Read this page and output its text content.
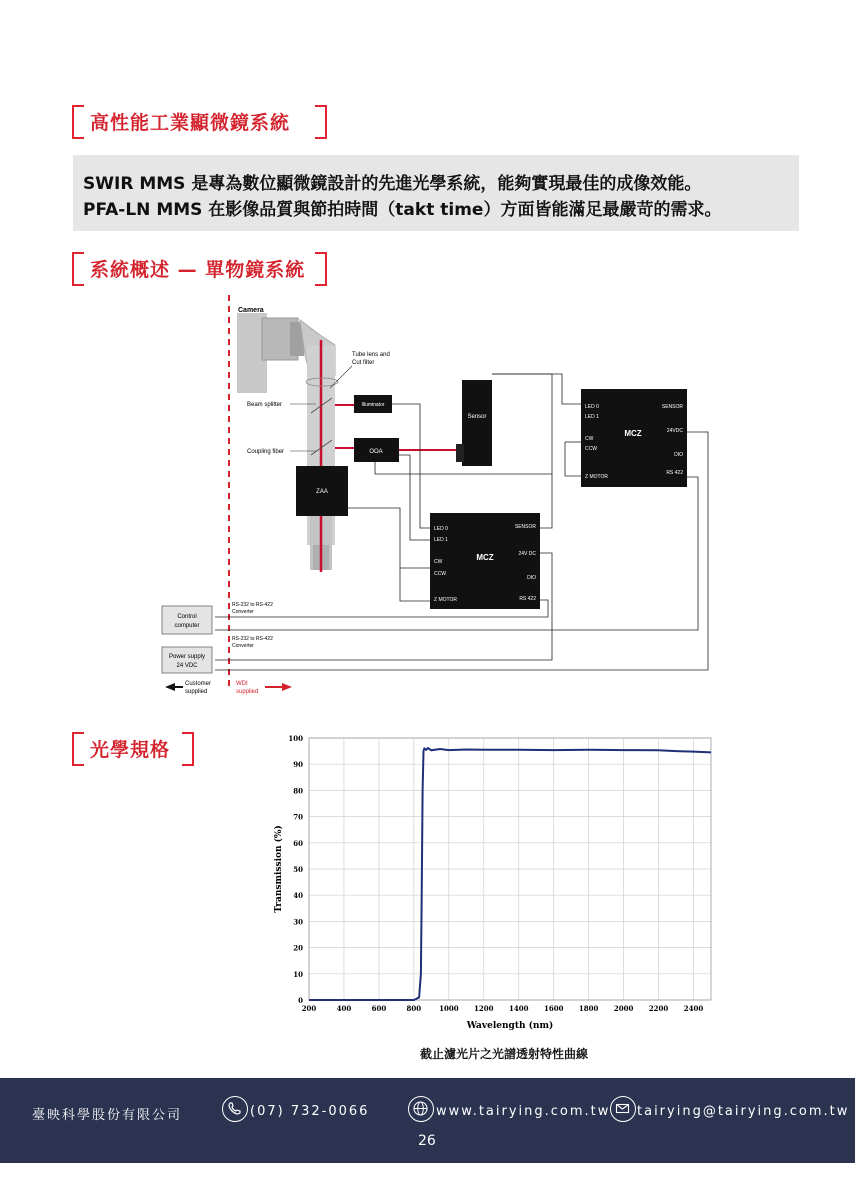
高性能工業顯微鏡系統

SWIR MMS 是專為數位顯微鏡設計的先進光學系統，能夠實現最佳的成像效能。

PFA-LN MMS 在影像品質與節拍時間（takt time）方面皆能滿足最嚴苛的需求。

系統概述 — 單物鏡系統
Camera
Tube lens and
Cut filter
Beam splitter
Coupling fiber
Illuminator
OOA
ZAA
Sensor
MCZ
LED 0
LED 1
CW
CCW
Z MOTOR
SENSOR
24VDC
DIO
RS 422
MCZ
LED 0
LED 1
CW
CCW
Z MOTOR
SENSOR
24V DC
DIO
RS 422
Control
computer
RS-232 to RS-422
Converter
RS-232 to RS-422
Converter
Power supply
24 VDC
Customer
supplied
WDI
supplied
光學規格
0
10
20
30
40
50
60
70
80
90
100
200	400	600	800	1000 1200 1400 1600 1800 2000 2200 2400
Wavelength (nm)
Transmission (%)
截止濾光片之光譜透射特性曲線
臺映科學股份有限公司	(07) 732-0066	www.tairying.com.tw tairying@tairying.com.tw
26
